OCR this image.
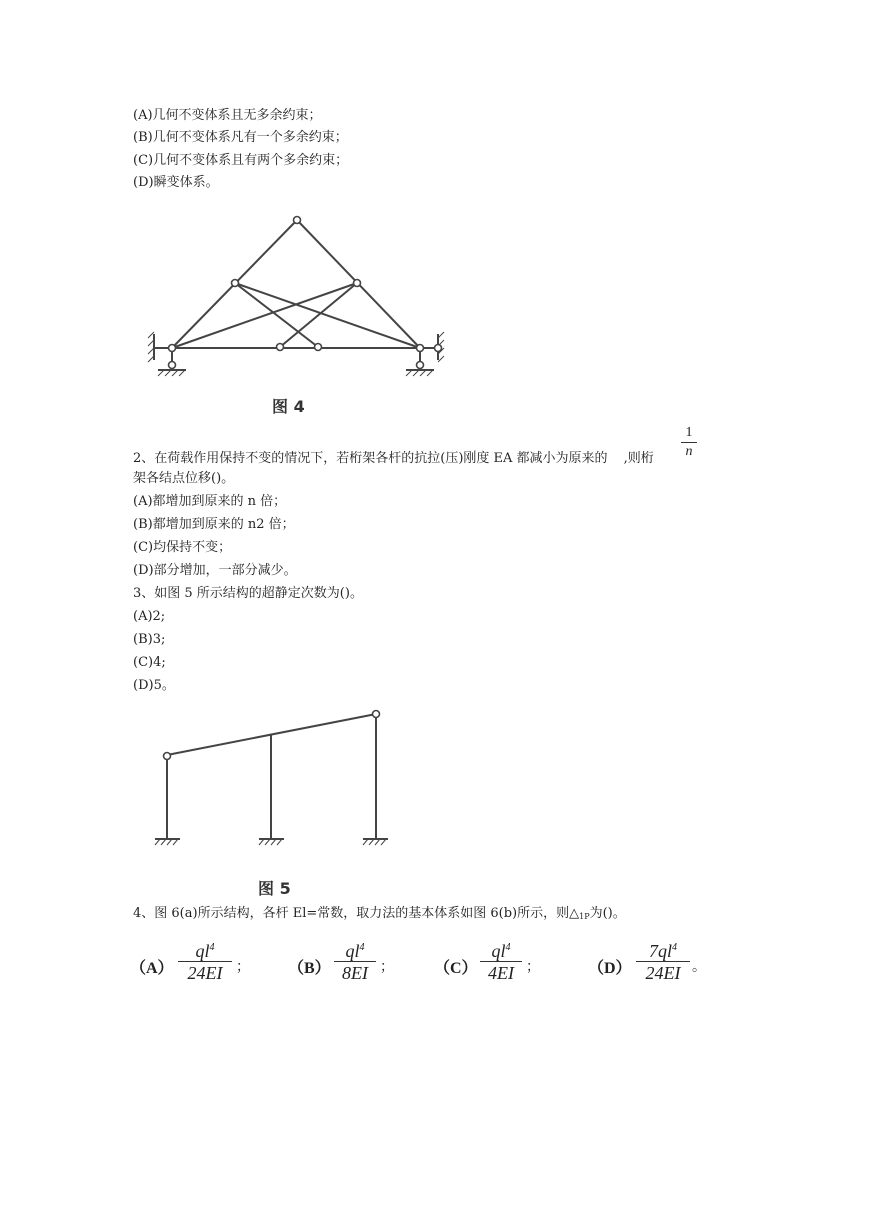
(A)几何不变体系且无多余约束；
(B)几何不变体系凡有一个多余约束；
(C)几何不变体系且有两个多余约束；
(D)瞬变体系。
图 4
2、在荷载作用保持不变的情况下，若桁架各杆的抗拉(压)刚度 EA 都减小为原来的 ,则桁 $\frac{1}{n}$
架各结点位移()。
(A)都增加到原来的 n 倍；
(B)都增加到原来的 n2 倍；
(C)均保持不变；
(D)部分增加，一部分减少。
3、如图 5 所示结构的超静定次数为()。
(A)2;
(B)3;
(C)4;
(D)5。
图 5
4、图 6(a)所示结构，各杆 El=常数，取力法的基本体系如图 6(b)所示，则$\triangle_{1P}$为()。
$(A) \frac{ql^4}{24EI}$ ； $(B) \frac{ql^4}{8EI}$ ；	$(C) \frac{ql^4}{4EI}$ ；	$(D) \frac{7ql^4}{24EI}$ 。
